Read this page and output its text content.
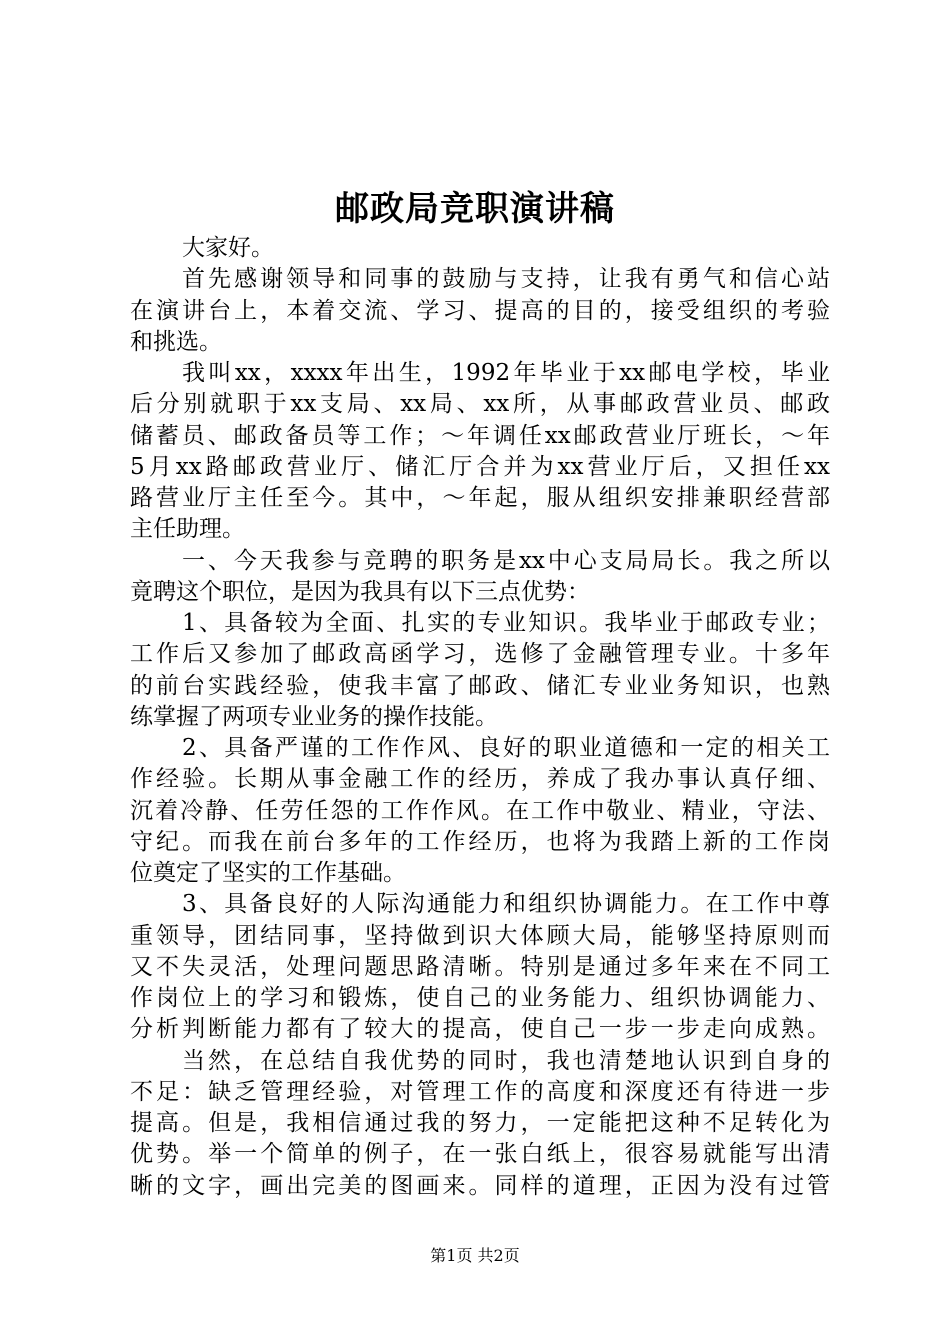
邮政局竞职演讲稿
大家好。
首先感谢领导和同事的鼓励与支持，让我有勇气和信心站
在演讲台上，本着交流、学习、提高的目的，接受组织的考验
和挑选。
我叫xx，xxxx年出生，1992年毕业于xx邮电学校，毕业
后分别就职于xx支局、xx局、xx所，从事邮政营业员、邮政
储蓄员、邮政备员等工作；～年调任xx邮政营业厅班长，～年
5月xx路邮政营业厅、储汇厅合并为xx营业厅后，又担任xx
路营业厅主任至今。其中，～年起，服从组织安排兼职经营部
主任助理。
一、今天我参与竞聘的职务是xx中心支局局长。我之所以
竟聘这个职位，是因为我具有以下三点优势：
1、具备较为全面、扎实的专业知识。我毕业于邮政专业；
工作后又参加了邮政高函学习，选修了金融管理专业。十多年
的前台实践经验，使我丰富了邮政、储汇专业业务知识，也熟
练掌握了两项专业业务的操作技能。
2、具备严谨的工作作风、良好的职业道德和一定的相关工
作经验。长期从事金融工作的经历，养成了我办事认真仔细、
沉着冷静、任劳任怨的工作作风。在工作中敬业、精业，守法、
守纪。而我在前台多年的工作经历，也将为我踏上新的工作岗
位奠定了坚实的工作基础。
3、具备良好的人际沟通能力和组织协调能力。在工作中尊
重领导，团结同事，坚持做到识大体顾大局，能够坚持原则而
又不失灵活，处理问题思路清晰。特别是通过多年来在不同工
作岗位上的学习和锻炼，使自己的业务能力、组织协调能力、
分析判断能力都有了较大的提高，使自己一步一步走向成熟。
当然，在总结自我优势的同时，我也清楚地认识到自身的
不足：缺乏管理经验，对管理工作的高度和深度还有待进一步
提高。但是，我相信通过我的努力，一定能把这种不足转化为
优势。举一个简单的例子，在一张白纸上，很容易就能写出清
晰的文字，画出完美的图画来。同样的道理，正因为没有过管
第1页 共2页
